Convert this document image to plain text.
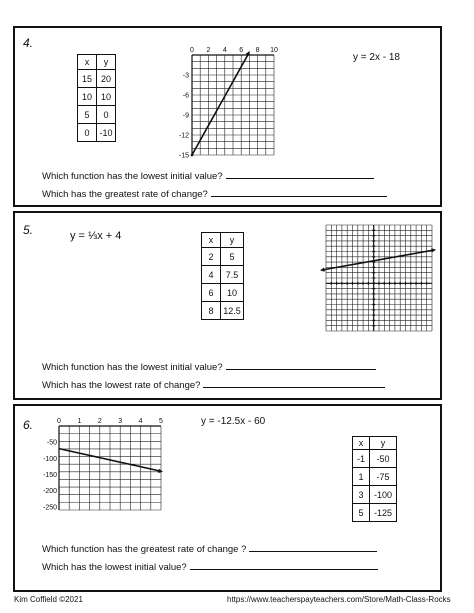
4.
x	y
15	20
10	10
5	0
0	-10
0 2 4 6 8 10
-3
-6
-9
-12
-15
y = 2x - 18
Which function has the lowest initial value?
Which has the greatest rate of change?
5.	y = ⅓x + 4	x	y
2	5
4	7.5
6	10
8	12.5
Which function has the lowest initial value?
Which has the lowest rate of change?
6.	0 1 2 3 4 5
-50
-100
-150
-200
-250
y = -12.5x - 60
x	y
-1	-50
1	-75
3	-100
5	-125
Which function has the greatest rate of change ?
Which has the lowest initial value?
Kim Coffield ©2021	https://www.teacherspayteachers.com/Store/Math-Class-Rocks
